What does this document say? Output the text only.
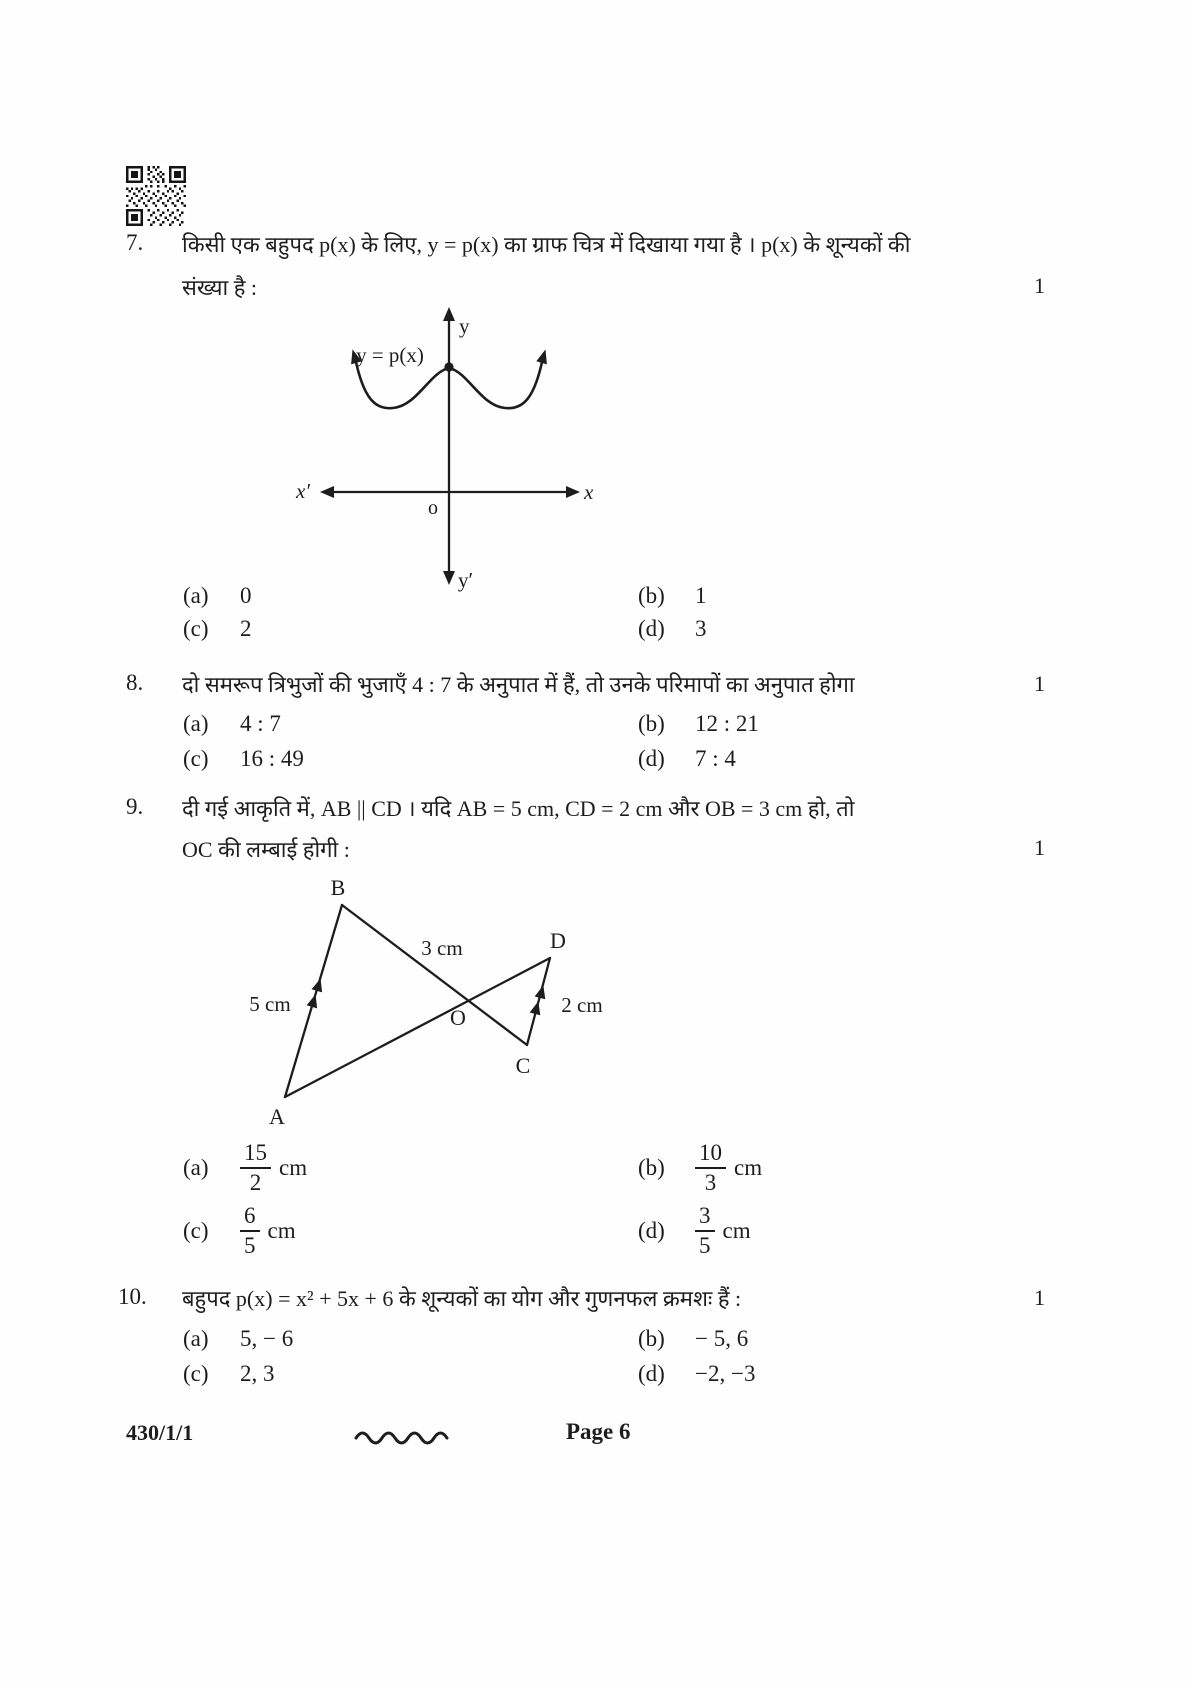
7. किसी एक बहुपद p(x) के लिए, y = p(x) का ग्राफ चित्र में दिखाया गया है । p(x) के शून्यकों की
संख्या है :	1
y = p(x)
y
y′
x
x′
o
(a)	0	(b)	1
(c)	2	(d)	3
8. दो समरूप त्रिभुजों की भुजाएँ 4 : 7 के अनुपात में हैं, तो उनके परिमापों का अनुपात होगा	1
(a)	4 : 7	(b)	12 : 21
(c)	16 : 49	(d)	7 : 4
9. दी गई आकृति में, AB || CD । यदि AB = 5 cm, CD = 2 cm और OB = 3 cm हो, तो
OC की लम्बाई होगी :	1
B
A
D
C
O
3 cm
5 cm	2 cm
(a)	$\frac{15}{2}$ cm	(b)	$\frac{10}{3}$ cm
(c)	$\frac{6}{5}$ cm	(d)	$\frac{3}{5}$ cm
10. बहुपद p(x) = x² + 5x + 6 के शून्यकों का योग और गुणनफल क्रमशः हैं :	1
(a)	5, − 6	(b)	− 5, 6
(c)	2, 3	(d)	−2, −3
430/1/1	Page 6
